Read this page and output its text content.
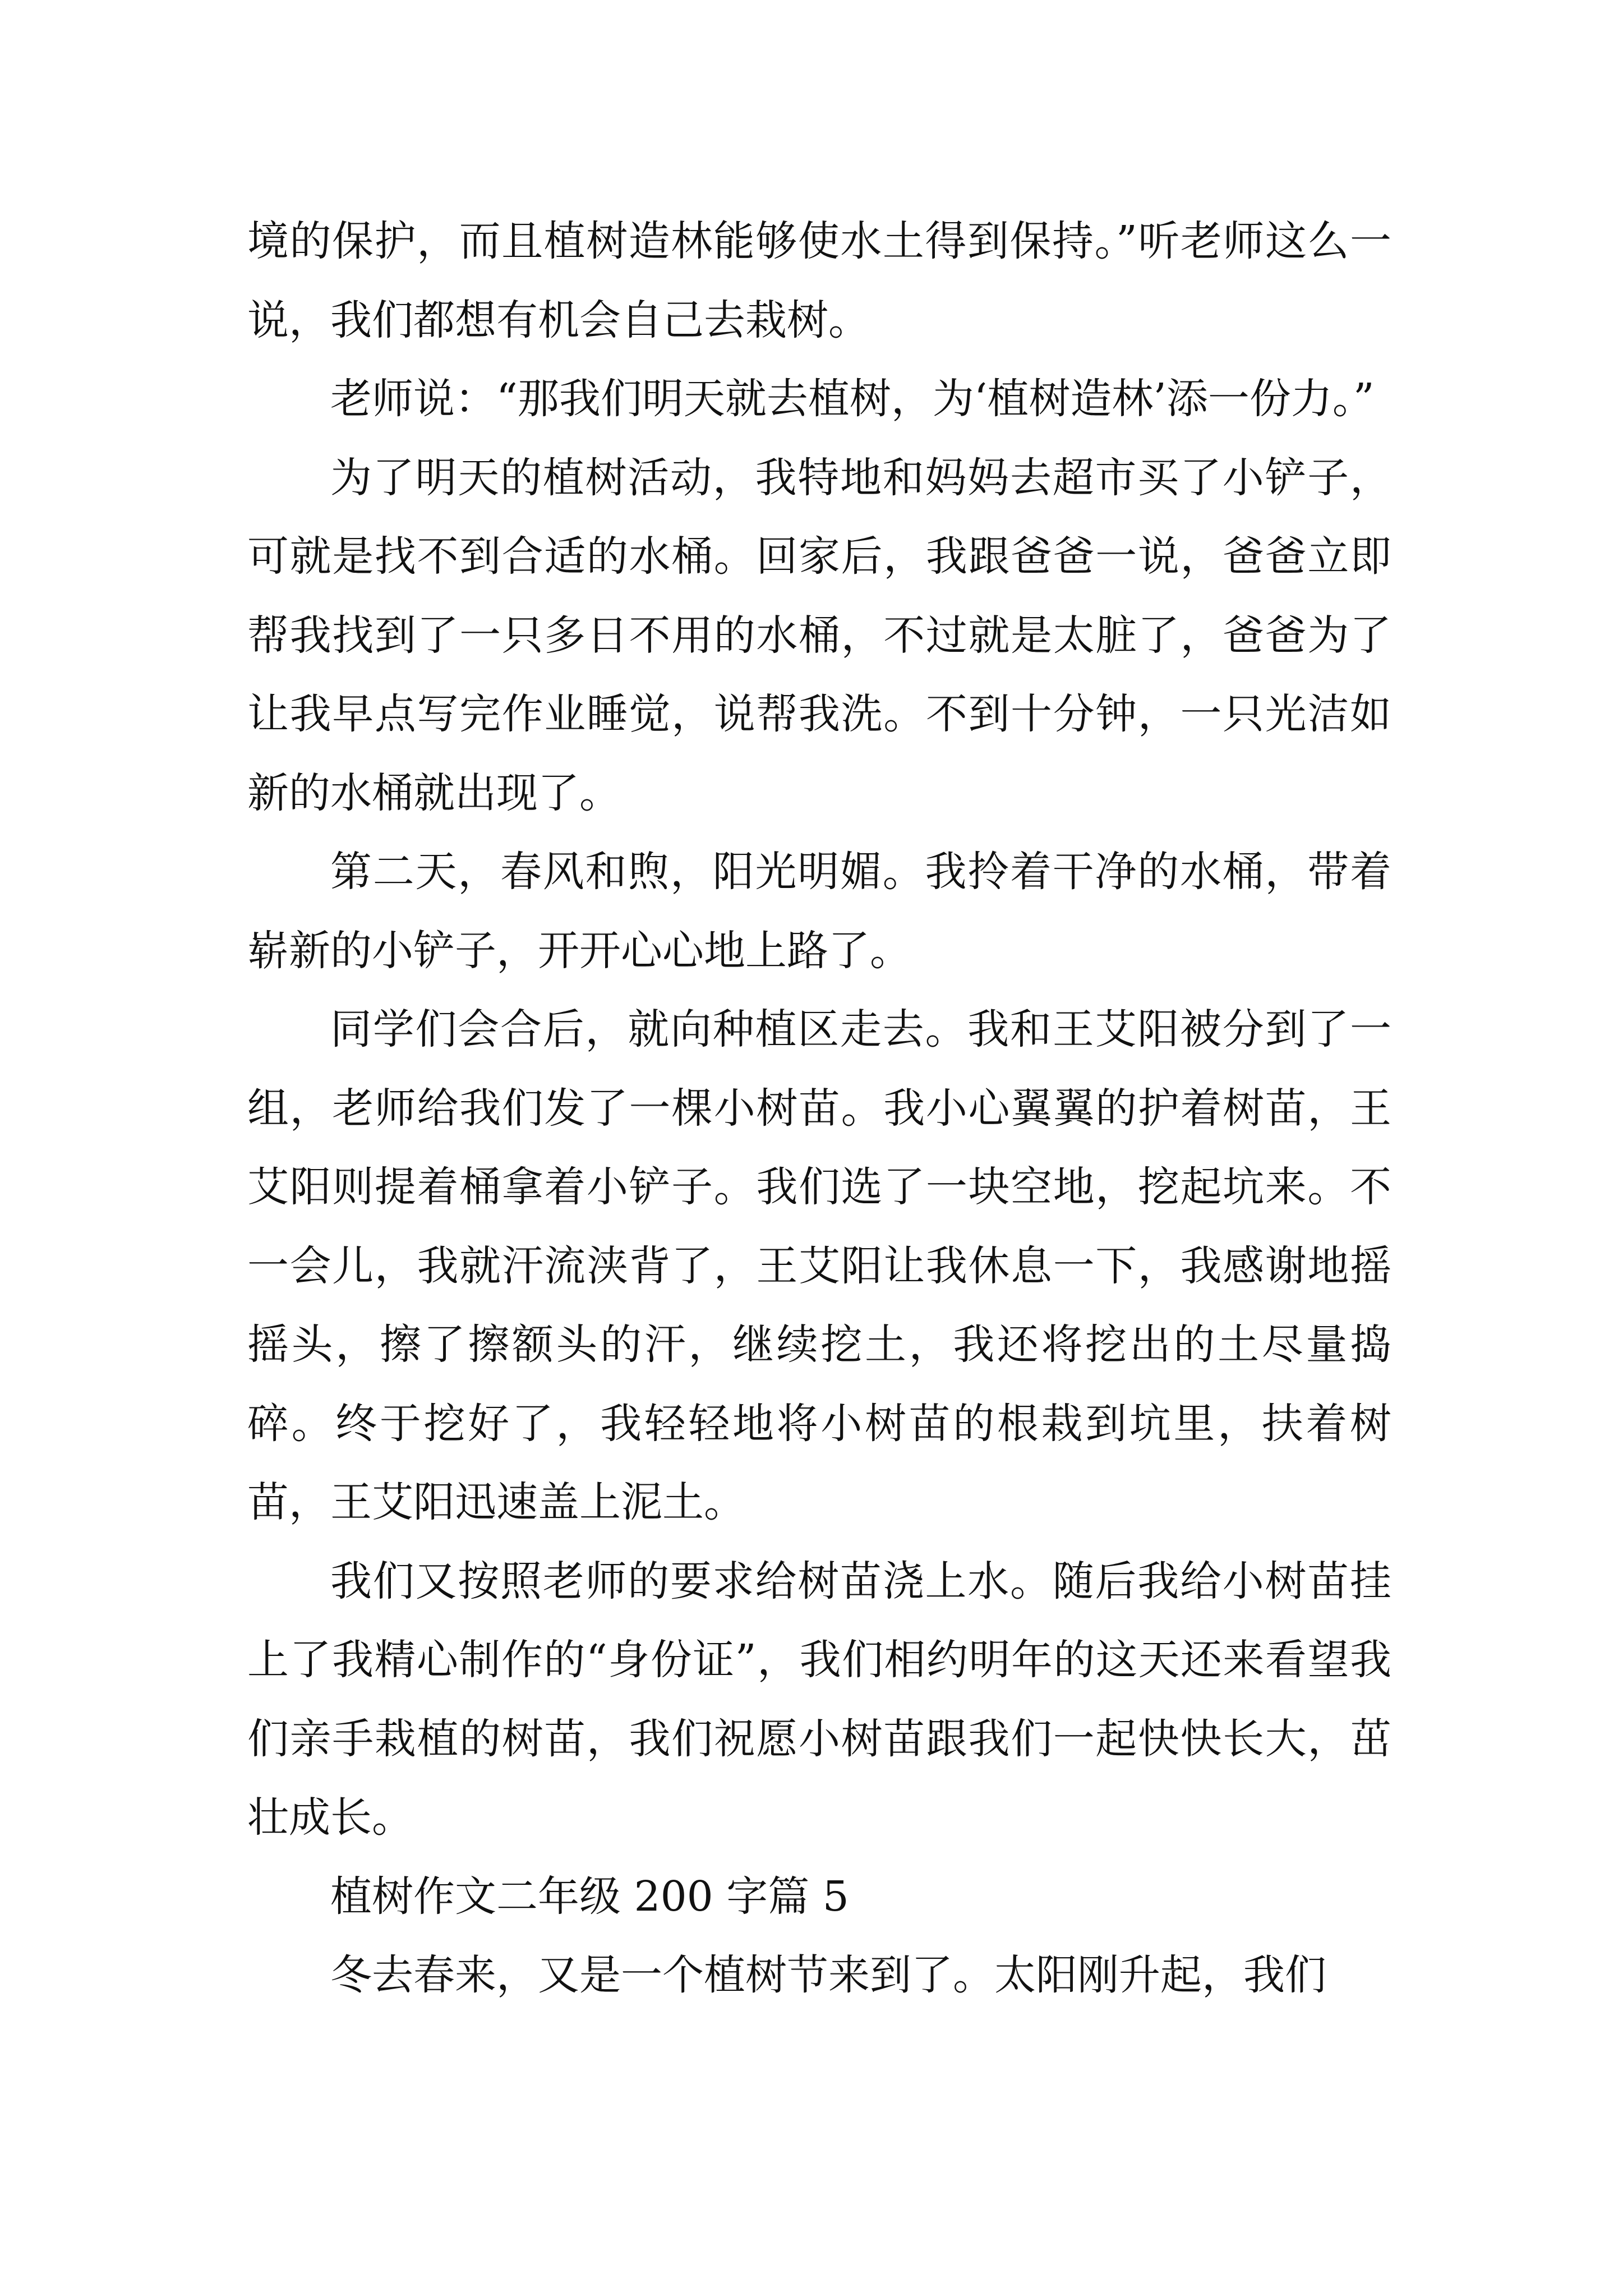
境的保护，而且植树造林能够使水土得到保持。”听老师这么一说，我们都想有机会自己去栽树。

老师说：“那我们明天就去植树，为‘植树造林’添一份力。”

为了明天的植树活动，我特地和妈妈去超市买了小铲子，可就是找不到合适的水桶。回家后，我跟爸爸一说，爸爸立即帮我找到了一只多日不用的水桶，不过就是太脏了，爸爸为了让我早点写完作业睡觉，说帮我洗。不到十分钟，一只光洁如新的水桶就出现了。

第二天，春风和煦，阳光明媚。我拎着干净的水桶，带着崭新的小铲子，开开心心地上路了。

同学们会合后，就向种植区走去。我和王艾阳被分到了一组，老师给我们发了一棵小树苗。我小心翼翼的护着树苗，王艾阳则提着桶拿着小铲子。我们选了一块空地，挖起坑来。不一会儿，我就汗流浃背了，王艾阳让我休息一下，我感谢地摇摇头，擦了擦额头的汗，继续挖土，我还将挖出的土尽量捣碎。终于挖好了，我轻轻地将小树苗的根栽到坑里，扶着树苗，王艾阳迅速盖上泥土。

我们又按照老师的要求给树苗浇上水。随后我给小树苗挂上了我精心制作的“身份证”，我们相约明年的这天还来看望我们亲手栽植的树苗，我们祝愿小树苗跟我们一起快快长大，茁壮成长。

植树作文二年级 200 字篇 5

冬去春来，又是一个植树节来到了。太阳刚升起，我们
